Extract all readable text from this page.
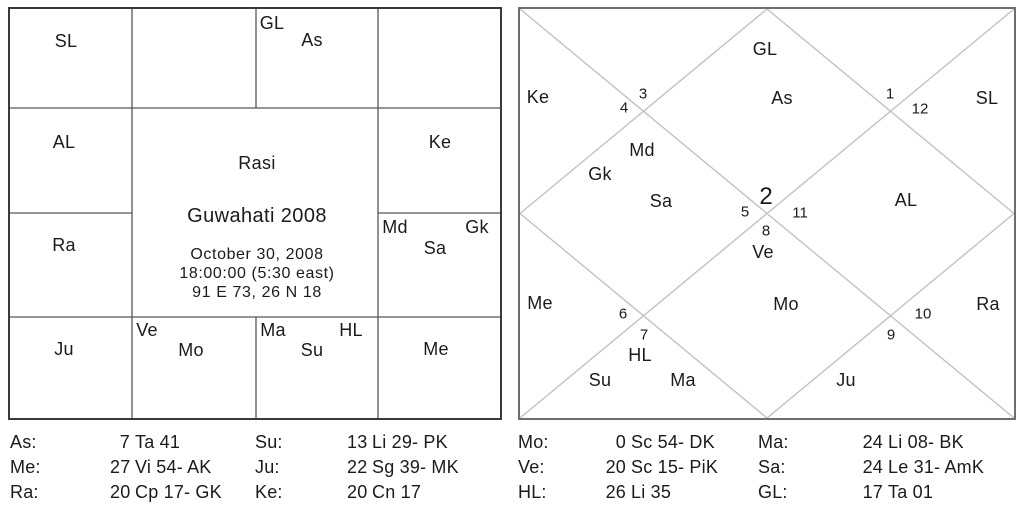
SL
GL
As
AL	Ke
Ra
Md	Gk
Sa
Ju
Ve
Mo
Ma	HL
Su	Me
Rasi
Guwahati 2008
October 30, 2008
18:00:00 (5:30 east)
91 E 73, 26 N 18
Ke
GL
As	SL
Md
Gk
Sa	AL
Ve
Me	Mo	Ra
HL
Su	Ma	Ju
1
2
3
4
5
6
7
8
9
10
11
12
As:	7 Ta 41	Su:	13 Li 29- PK
Me:	27 Vi 54- AK	Ju:	22 Sg 39- MK
Ra:	20 Cp 17- GK	Ke:	20 Cn 17
Mo:	0 Sc 54- DK	Ma:	24 Li 08- BK
Ve:	20 Sc 15- PiK	Sa:	24 Le 31- AmK
HL:	26 Li 35	GL:	17 Ta 01
